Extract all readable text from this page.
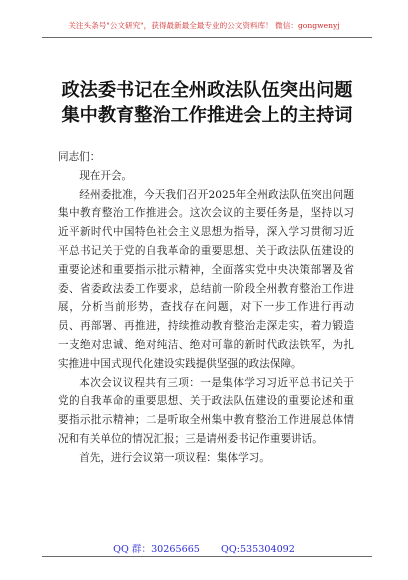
关注头条号"公文研究"，获得最新最全最专业的公文资料库！ 微信：gongwenyj
政法委书记在全州政法队伍突出问题
集中教育整治工作推进会上的主持词

同志们：

现在开会。

经州委批准，今天我们召开2025年全州政法队伍突出问题集中教育整治工作推进会。这次会议的主要任务是，坚持以习近平新时代中国特色社会主义思想为指导，深入学习贯彻习近平总书记关于党的自我革命的重要思想、关于政法队伍建设的重要论述和重要指示批示精神，全面落实党中央决策部署及省委、省委政法委工作要求，总结前一阶段全州教育整治工作进展，分析当前形势，查找存在问题，对下一步工作进行再动员、再部署、再推进，持续推动教育整治走深走实，着力锻造一支绝对忠诚、绝对纯洁、绝对可靠的新时代政法铁军，为扎实推进中国式现代化建设实践提供坚强的政法保障。

本次会议议程共有三项：一是集体学习习近平总书记关于党的自我革命的重要思想、关于政法队伍建设的重要论述和重要指示批示精神；二是听取全州集中教育整治工作进展总体情况和有关单位的情况汇报；三是请州委书记作重要讲话。

首先，进行会议第一项议程：集体学习。

QQ 群：30265665 QQ:535304092
